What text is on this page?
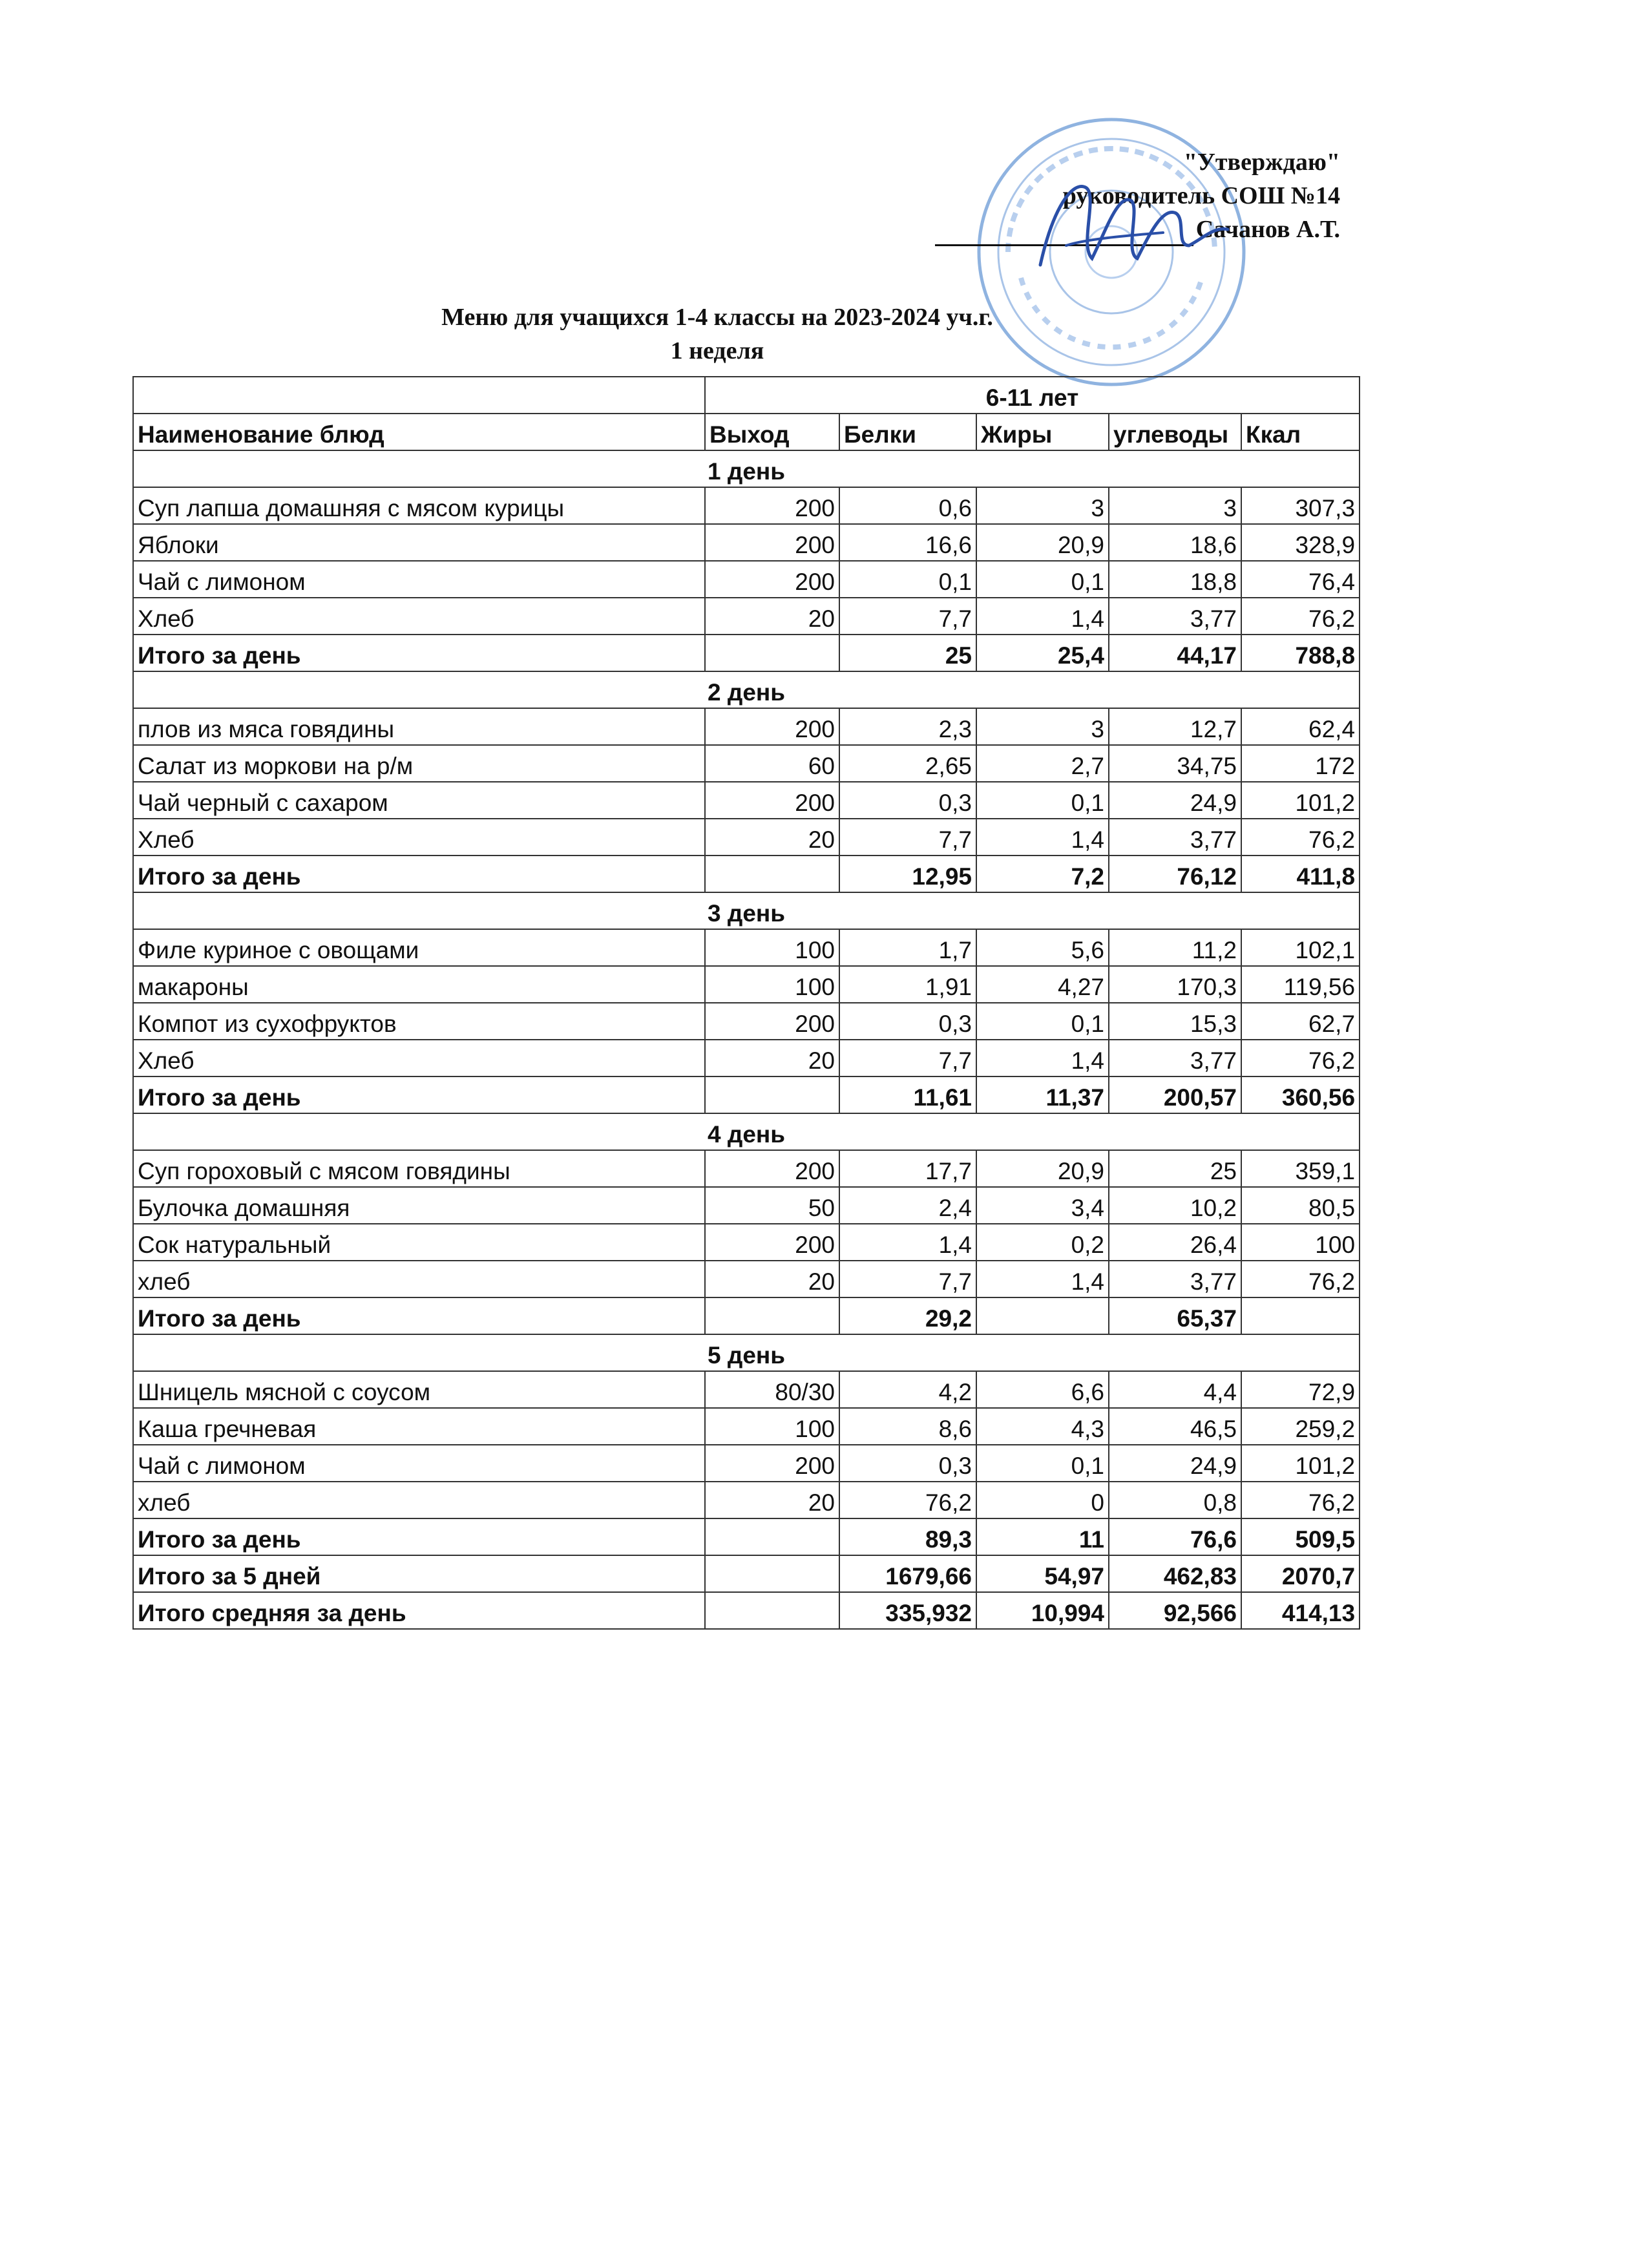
"Утверждаю"
руководитель СОШ №14
Сачанов А.Т.
Меню для учащихся 1-4 классы на 2023-2024 уч.г.
1 неделя
	6-11 лет				
Наименование блюд	Выход	Белки	Жиры	углеводы	Ккал
1 день					
Суп лапша домашняя с мясом курицы	200	0,6	3	3	307,3
Яблоки	200	16,6	20,9	18,6	328,9
Чай с лимоном	200	0,1	0,1	18,8	76,4
Хлеб	20	7,7	1,4	3,77	76,2
Итого за день		25	25,4	44,17	788,8
2 день					
плов из мяса говядины	200	2,3	3	12,7	62,4
Салат из моркови на р/м	60	2,65	2,7	34,75	172
Чай черный с сахаром	200	0,3	0,1	24,9	101,2
Хлеб	20	7,7	1,4	3,77	76,2
Итого за день		12,95	7,2	76,12	411,8
3 день					
Филе куриное с овощами	100	1,7	5,6	11,2	102,1
макароны	100	1,91	4,27	170,3	119,56
Компот из сухофруктов	200	0,3	0,1	15,3	62,7
Хлеб	20	7,7	1,4	3,77	76,2
Итого за день		11,61	11,37	200,57	360,56
4 день					
Суп гороховый с мясом говядины	200	17,7	20,9	25	359,1
Булочка домашняя	50	2,4	3,4	10,2	80,5
Сок натуральный	200	1,4	0,2	26,4	100
хлеб	20	7,7	1,4	3,77	76,2
Итого за день		29,2		65,37	
5 день					
Шницель мясной с соусом	80/30	4,2	6,6	4,4	72,9
Каша гречневая	100	8,6	4,3	46,5	259,2
Чай с лимоном	200	0,3	0,1	24,9	101,2
хлеб	20	76,2	0	0,8	76,2
Итого за день		89,3	11	76,6	509,5
Итого за 5 дней		1679,66	54,97	462,83	2070,7
Итого средняя за день		335,932	10,994	92,566	414,13
